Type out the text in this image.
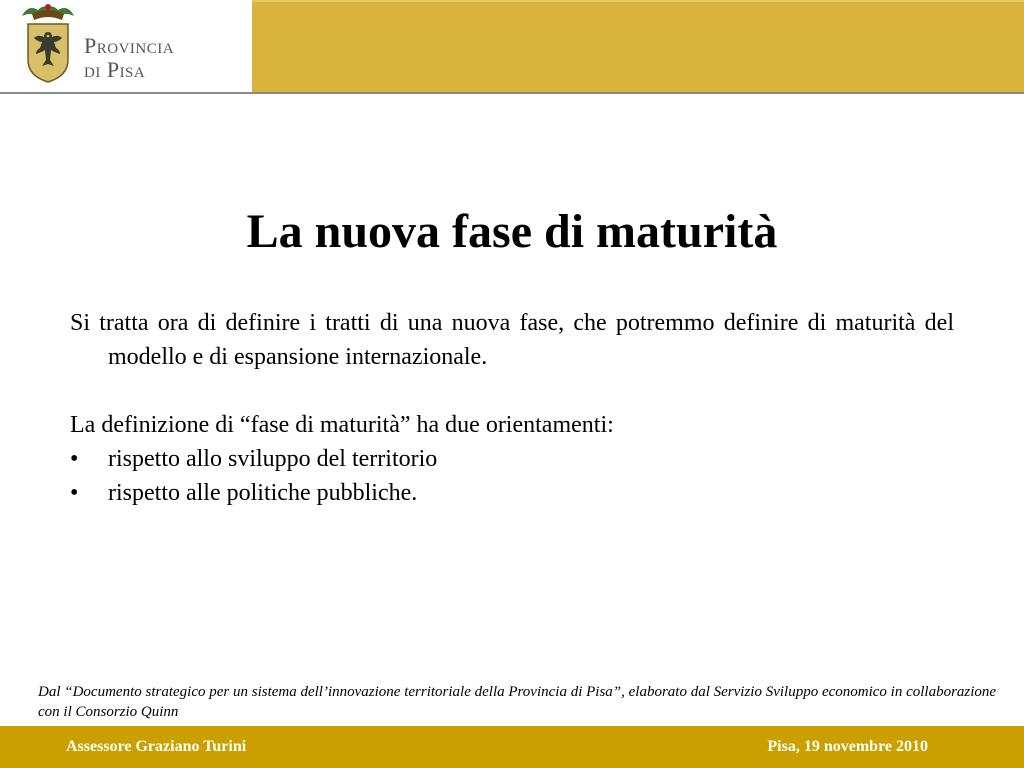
Provincia
di Pisa
La nuova fase di maturità

Si tratta ora di definire i tratti di una nuova fase, che potremmo definire di maturità del modello e di espansione internazionale.

La definizione di “fase di maturità” ha due orientamenti:

• rispetto allo sviluppo del territorio
• rispetto alle politiche pubbliche.
Dal “Documento strategico per un sistema dell’innovazione territoriale della Provincia di Pisa”, elaborato dal Servizio Sviluppo economico in collaborazione con il Consorzio Quinn
Assessore Graziano Turini	Pisa, 19 novembre 2010
